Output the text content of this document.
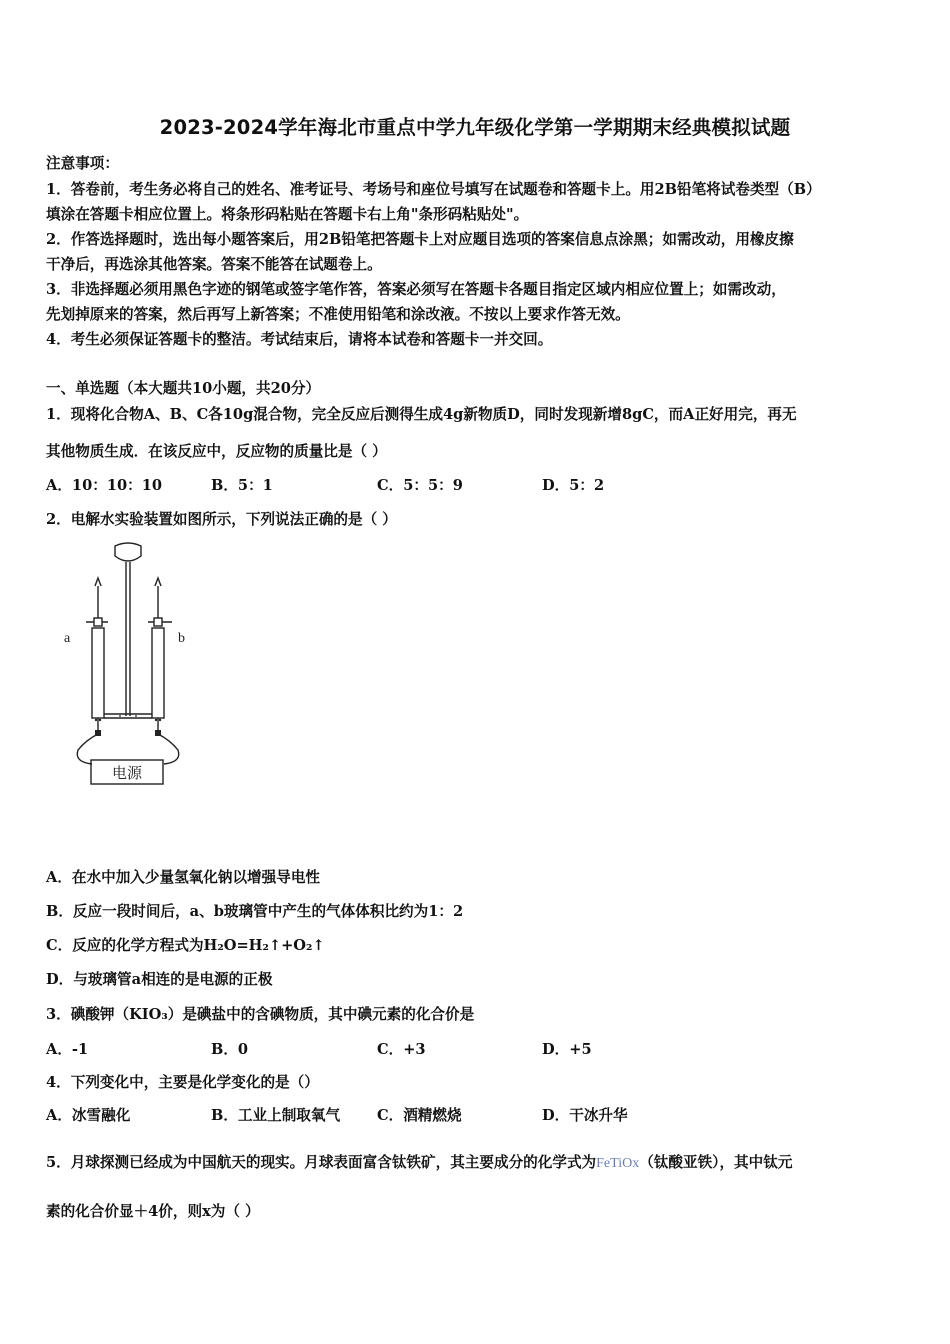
2023-2024学年海北市重点中学九年级化学第一学期期末经典模拟试题
注意事项：
1．答卷前，考生务必将自己的姓名、准考证号、考场号和座位号填写在试题卷和答题卡上。用2B铅笔将试卷类型（B）
填涂在答题卡相应位置上。将条形码粘贴在答题卡右上角"条形码粘贴处"。
2．作答选择题时，选出每小题答案后，用2B铅笔把答题卡上对应题目选项的答案信息点涂黑；如需改动，用橡皮擦
干净后，再选涂其他答案。答案不能答在试题卷上。
3．非选择题必须用黑色字迹的钢笔或签字笔作答，答案必须写在答题卡各题目指定区域内相应位置上；如需改动，
先划掉原来的答案，然后再写上新答案；不准使用铅笔和涂改液。不按以上要求作答无效。
4．考生必须保证答题卡的整洁。考试结束后，请将本试卷和答题卡一并交回。
一、单选题（本大题共10小题，共20分）
1．现将化合物A、B、C各10g混合物，完全反应后测得生成4g新物质D，同时发现新增8gC，而A正好用完，再无
其他物质生成．在该反应中，反应物的质量比是（ ）
A．10：10：10	B．5：1	C．5：5：9	D．5：2
2．电解水实验装置如图所示，下列说法正确的是（ ）
a	b
电源
A．在水中加入少量氢氧化钠以增强导电性
B．反应一段时间后，a、b玻璃管中产生的气体体积比约为1：2
C．反应的化学方程式为H₂O=H₂↑+O₂↑
D．与玻璃管a相连的是电源的正极
3．碘酸钾（KIO₃）是碘盐中的含碘物质，其中碘元素的化合价是
A．-1	B．0	C．+3	D．+5
4．下列变化中，主要是化学变化的是（）
A．冰雪融化	B．工业上制取氧气	C．酒精燃烧	D．干冰升华
5．月球探测已经成为中国航天的现实。月球表面富含钛铁矿，其主要成分的化学式为FeTiOx（钛酸亚铁），其中钛元
素的化合价显＋4价，则x为（ ）
